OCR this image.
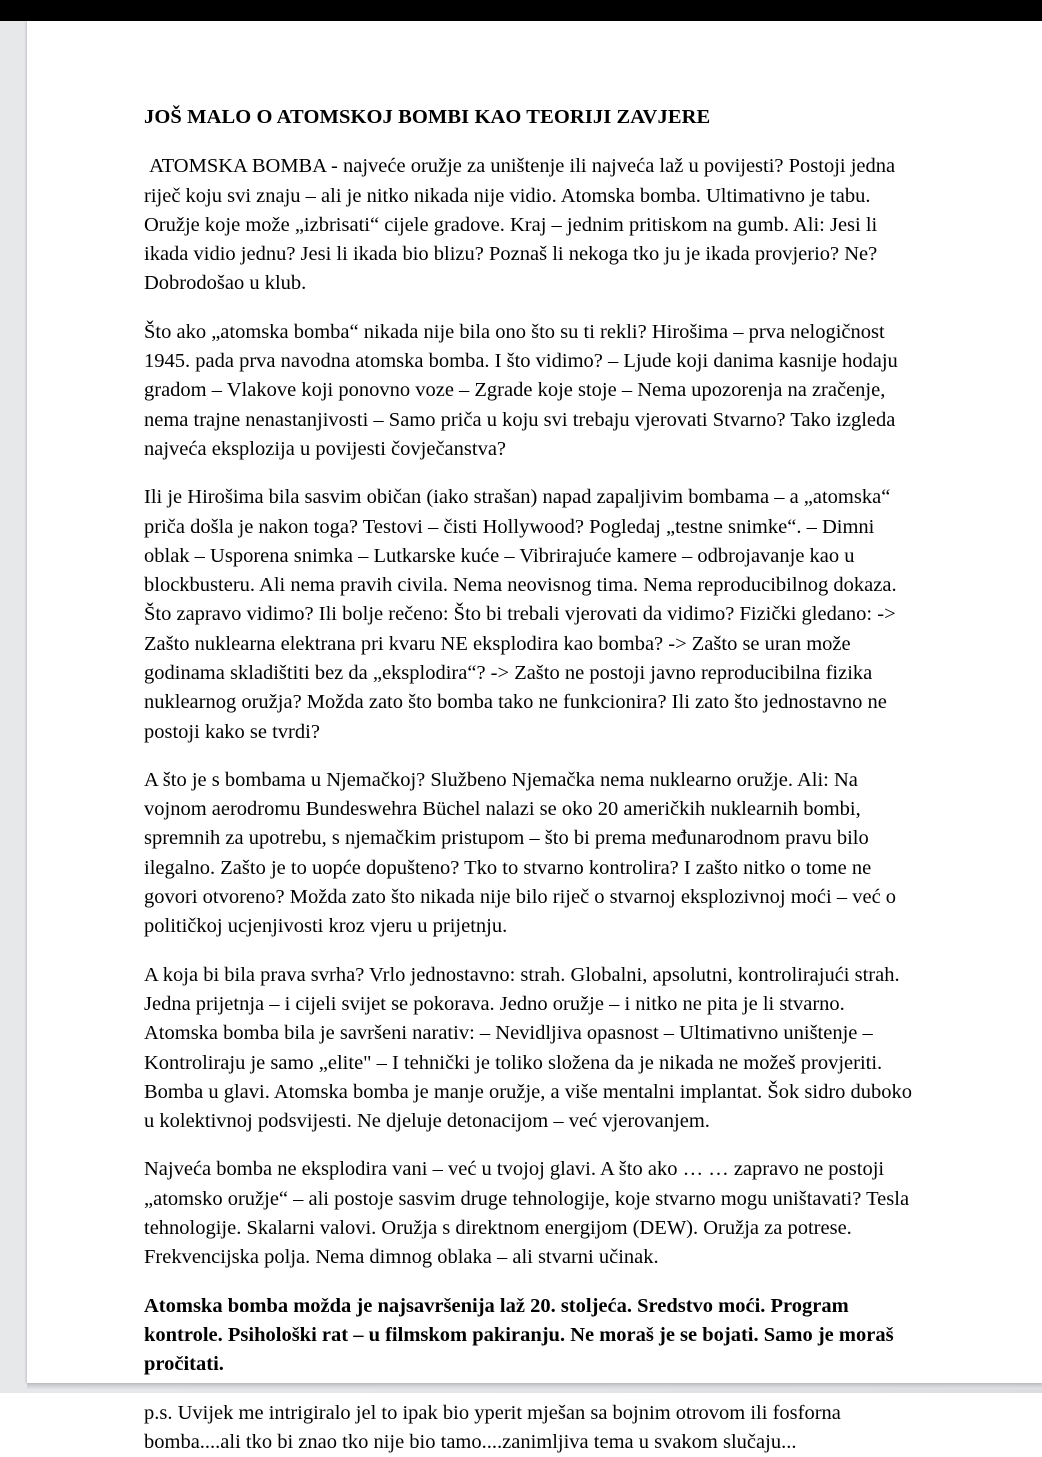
JOŠ MALO O ATOMSKOJ BOMBI KAO TEORIJI ZAVJERE

ATOMSKA BOMBA - najveće oružje za uništenje ili najveća laž u povijesti? Postoji jedna riječ koju svi znaju – ali je nitko nikada nije vidio. Atomska bomba. Ultimativno je tabu. Oružje koje može „izbrisati“ cijele gradove. Kraj – jednim pritiskom na gumb. Ali: Jesi li ikada vidio jednu? Jesi li ikada bio blizu? Poznaš li nekoga tko ju je ikada provjerio? Ne? Dobrodošao u klub.

Što ako „atomska bomba“ nikada nije bila ono što su ti rekli? Hirošima – prva nelogičnost 1945. pada prva navodna atomska bomba. I što vidimo? – Ljude koji danima kasnije hodaju gradom – Vlakove koji ponovno voze – Zgrade koje stoje – Nema upozorenja na zračenje, nema trajne nenastanjivosti – Samo priča u koju svi trebaju vjerovati Stvarno? Tako izgleda najveća eksplozija u povijesti čovječanstva?

Ili je Hirošima bila sasvim običan (iako strašan) napad zapaljivim bombama – a „atomska“ priča došla je nakon toga? Testovi – čisti Hollywood? Pogledaj „testne snimke“. – Dimni oblak – Usporena snimka – Lutkarske kuće – Vibrirajuće kamere – odbrojavanje kao u blockbusteru. Ali nema pravih civila. Nema neovisnog tima. Nema reproducibilnog dokaza. Što zapravo vidimo? Ili bolje rečeno: Što bi trebali vjerovati da vidimo? Fizički gledano: -> Zašto nuklearna elektrana pri kvaru NE eksplodira kao bomba? -> Zašto se uran može godinama skladištiti bez da „eksplodira“? -> Zašto ne postoji javno reproducibilna fizika nuklearnog oružja? Možda zato što bomba tako ne funkcionira? Ili zato što jednostavno ne postoji kako se tvrdi?

A što je s bombama u Njemačkoj? Službeno Njemačka nema nuklearno oružje. Ali: Na vojnom aerodromu Bundeswehra Büchel nalazi se oko 20 američkih nuklearnih bombi, spremnih za upotrebu, s njemačkim pristupom – što bi prema međunarodnom pravu bilo ilegalno. Zašto je to uopće dopušteno? Tko to stvarno kontrolira? I zašto nitko o tome ne govori otvoreno? Možda zato što nikada nije bilo riječ o stvarnoj eksplozivnoj moći – već o političkoj ucjenjivosti kroz vjeru u prijetnju.

A koja bi bila prava svrha? Vrlo jednostavno: strah. Globalni, apsolutni, kontrolirajući strah. Jedna prijetnja – i cijeli svijet se pokorava. Jedno oružje – i nitko ne pita je li stvarno. Atomska bomba bila je savršeni narativ: – Nevidljiva opasnost – Ultimativno uništenje – Kontroliraju je samo „elite" – I tehnički je toliko složena da je nikada ne možeš provjeriti. Bomba u glavi. Atomska bomba je manje oružje, a više mentalni implantat. Šok sidro duboko u kolektivnoj podsvijesti. Ne djeluje detonacijom – već vjerovanjem.

Najveća bomba ne eksplodira vani – već u tvojoj glavi. A što ako … … zapravo ne postoji „atomsko oružje“ – ali postoje sasvim druge tehnologije, koje stvarno mogu uništavati? Tesla tehnologije. Skalarni valovi. Oružja s direktnom energijom (DEW). Oružja za potrese. Frekvencijska polja. Nema dimnog oblaka – ali stvarni učinak.

Atomska bomba možda je najsavršenija laž 20. stoljeća. Sredstvo moći. Program kontrole. Psihološki rat – u filmskom pakiranju. Ne moraš je se bojati. Samo je moraš pročitati.

p.s. Uvijek me intrigiralo jel to ipak bio yperit mješan sa bojnim otrovom ili fosforna bomba....ali tko bi znao tko nije bio tamo....zanimljiva tema u svakom slučaju...
